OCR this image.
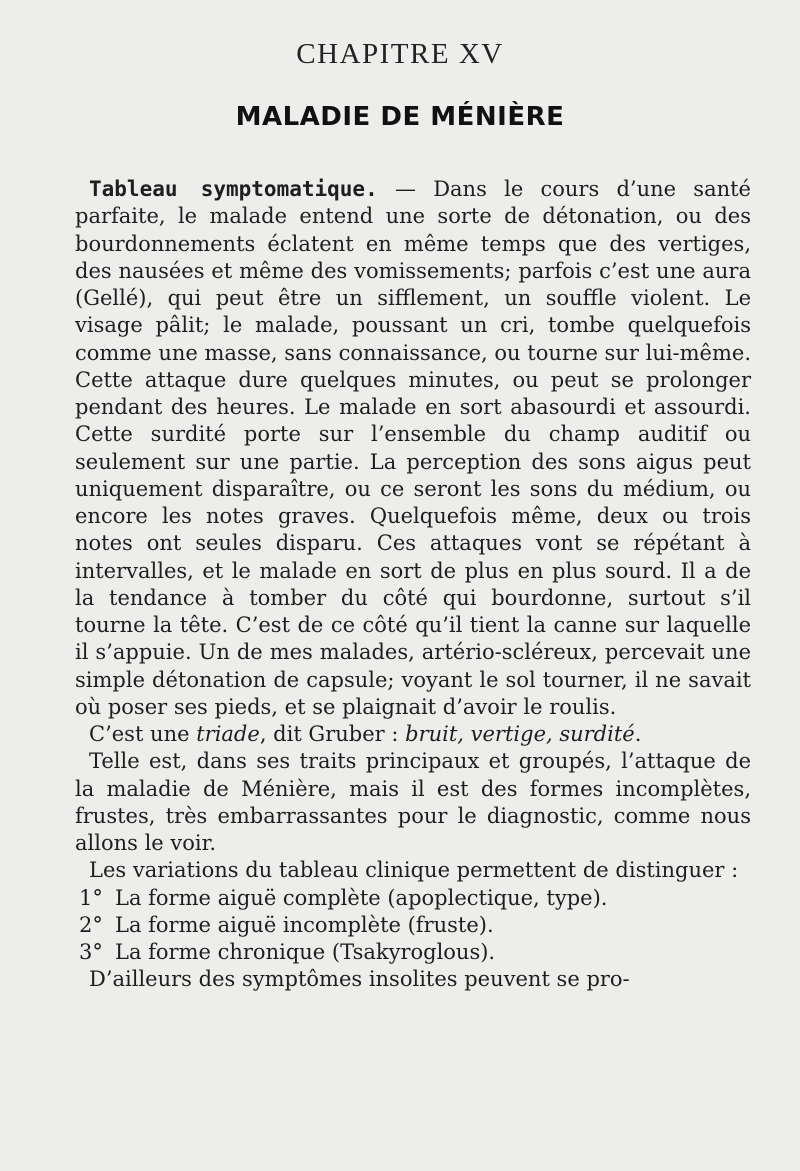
CHAPITRE XV
MALADIE DE MÉNIÈRE

Tableau symptomatique. — Dans le cours d’une santé parfaite, le malade entend une sorte de détonation, ou des bourdonnements éclatent en même temps que des vertiges, des nausées et même des vomissements; parfois c’est une aura (Gellé), qui peut être un sifflement, un souffle violent. Le visage pâlit; le malade, poussant un cri, tombe quelquefois comme une masse, sans connaissance, ou tourne sur lui-même. Cette attaque dure quelques minutes, ou peut se prolonger pendant des heures. Le malade en sort abasourdi et assourdi. Cette surdité porte sur l’ensemble du champ auditif ou seulement sur une partie. La perception des sons aigus peut uniquement disparaître, ou ce seront les sons du médium, ou encore les notes graves. Quelquefois même, deux ou trois notes ont seules disparu. Ces attaques vont se répétant à intervalles, et le malade en sort de plus en plus sourd. Il a de la tendance à tomber du côté qui bourdonne, surtout s’il tourne la tête. C’est de ce côté qu’il tient la canne sur laquelle il s’appuie. Un de mes malades, artério-scléreux, percevait une simple détonation de capsule; voyant le sol tourner, il ne savait où poser ses pieds, et se plaignait d’avoir le roulis.

C’est une triade, dit Gruber : bruit, vertige, surdité.

Telle est, dans ses traits principaux et groupés, l’attaque de la maladie de Ménière, mais il est des formes incomplètes, frustes, très embarrassantes pour le diagnostic, comme nous allons le voir.

Les variations du tableau clinique permettent de distinguer :

1° La forme aiguë complète (apoplectique, type).

2° La forme aiguë incomplète (fruste).

3° La forme chronique (Tsakyroglous).

D’ailleurs des symptômes insolites peuvent se pro-
